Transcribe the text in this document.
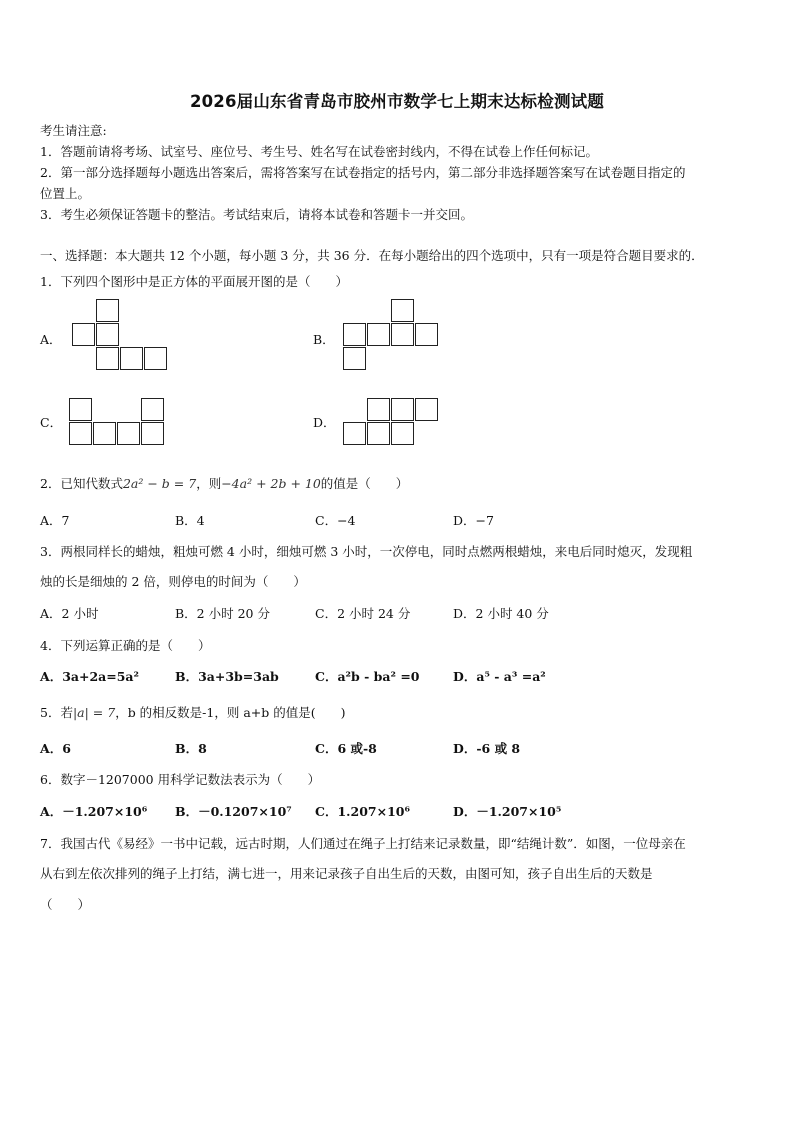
2026届山东省青岛市胶州市数学七上期末达标检测试题
考生请注意:
1．答题前请将考场、试室号、座位号、考生号、姓名写在试卷密封线内，不得在试卷上作任何标记。
2．第一部分选择题每小题选出答案后，需将答案写在试卷指定的括号内，第二部分非选择题答案写在试卷题目指定的
位置上。
3．考生必须保证答题卡的整洁。考试结束后，请将本试卷和答题卡一并交回。
一、选择题：本大题共 12 个小题，每小题 3 分，共 36 分．在每小题给出的四个选项中，只有一项是符合题目要求的．
1．下列四个图形中是正方体的平面展开图的是（　　）
A．	B．
C．	D．
2．已知代数式2a² − b = 7，则−4a² + 2b + 10的值是（　　）
A．7	B．4	C．−4	D．−7
3．两根同样长的蜡烛，粗烛可燃 4 小时，细烛可燃 3 小时，一次停电，同时点燃两根蜡烛，来电后同时熄灭，发现粗
烛的长是细烛的 2 倍，则停电的时间为（　　）
A．2 小时	B．2 小时 20 分	C．2 小时 24 分	D．2 小时 40 分
4．下列运算正确的是（　　）
A．3a+2a=5a²	B．3a+3b=3ab	C．a²b - ba² =0	D．a⁵ - a³ =a²
5．若|a| = 7，b 的相反数是-1，则 a+b 的值是(　　)
A．6	B．8	C．6 或-8	D．-6 或 8
6．数字－1207000 用科学记数法表示为（　　）
A．－1.207×10⁶ B．－0.1207×10⁷ C．1.207×10⁶	D．－1.207×10⁵
7．我国古代《易经》一书中记载，远古时期，人们通过在绳子上打结来记录数量，即“结绳计数”．如图，一位母亲在
从右到左依次排列的绳子上打结，满七进一，用来记录孩子自出生后的天数，由图可知，孩子自出生后的天数是
（　　）
